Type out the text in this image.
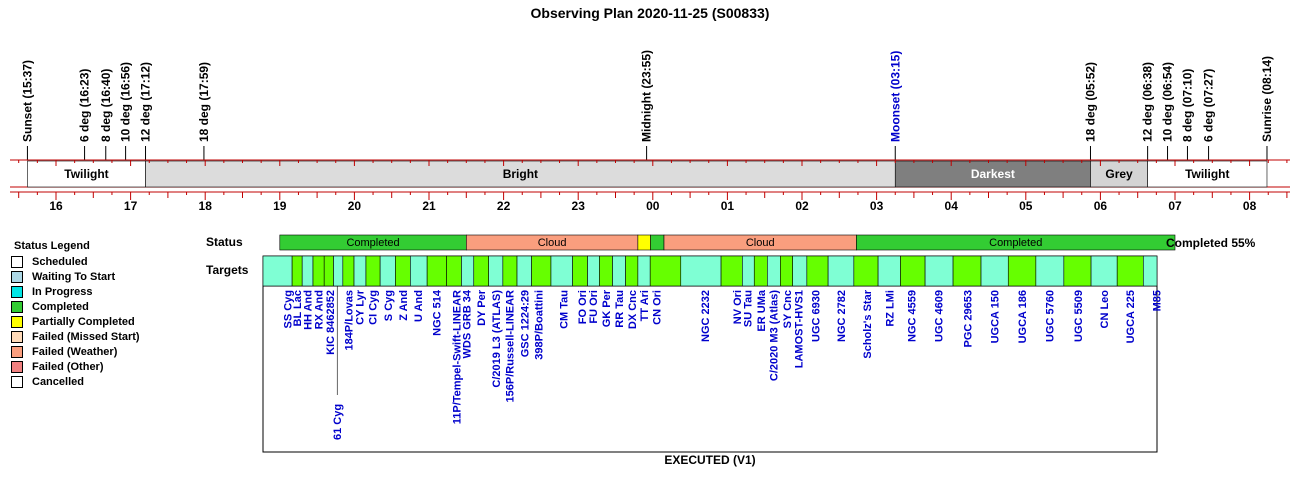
Observing Plan 2020-11-25 (S00833)
Sunset (15:37)	6 deg (16:23) 8 deg (16:40) 10 deg (16:56) 12 deg (17:12)	18 deg (17:59)	Midnight (23:55)	Moonset (03:15)	18 deg (05:52)	12 deg (06:38) 10 deg (06:54) 8 deg (07:10) 6 deg (07:27)	Sunrise (08:14)
Twilight	Bright	Darkest	Grey	Twilight
16	17	18	19	20	21	22	23	00	01	02	03	04	05	06	07	08
Status
Targets
Completed	Cloud	Cloud	Completed	Completed 55%
SS Cyg
BL Lac
HH And RX And KIC 8462852
61 Cyg
184P/Lovas CY Lyr CI Cyg S Cyg Z And U And NGC 514 11P/Tempel-Swift-LINEAR
WDS GRB 34 DY Per C/2019 L3 (ATLAS) 156P/Russell-LINEAR GSC 1224:29 398P/Boattini CM Tau FO Ori FU Ori GK Per RR Tau DX Cnc TT Ari CN Ori	NGC 2232 NV Ori
SU Tau ER UMa C/2020 M3 (Atlas) SY Cnc LAMOST-HVS1 UGC 6930 NGC 2782 Scholz's Star RZ LMi NGC 4559 UGC 4609 PGC 29653 UGCA 150 UGCA 186 UGC 5760 UGC 5509 CN Leo UGCA 225 M85
Status Legend
Scheduled
Waiting To Start
In Progress
Completed
Partially Completed
Failed (Missed Start)
Failed (Weather)
Failed (Other)
Cancelled
EXECUTED (V1)
